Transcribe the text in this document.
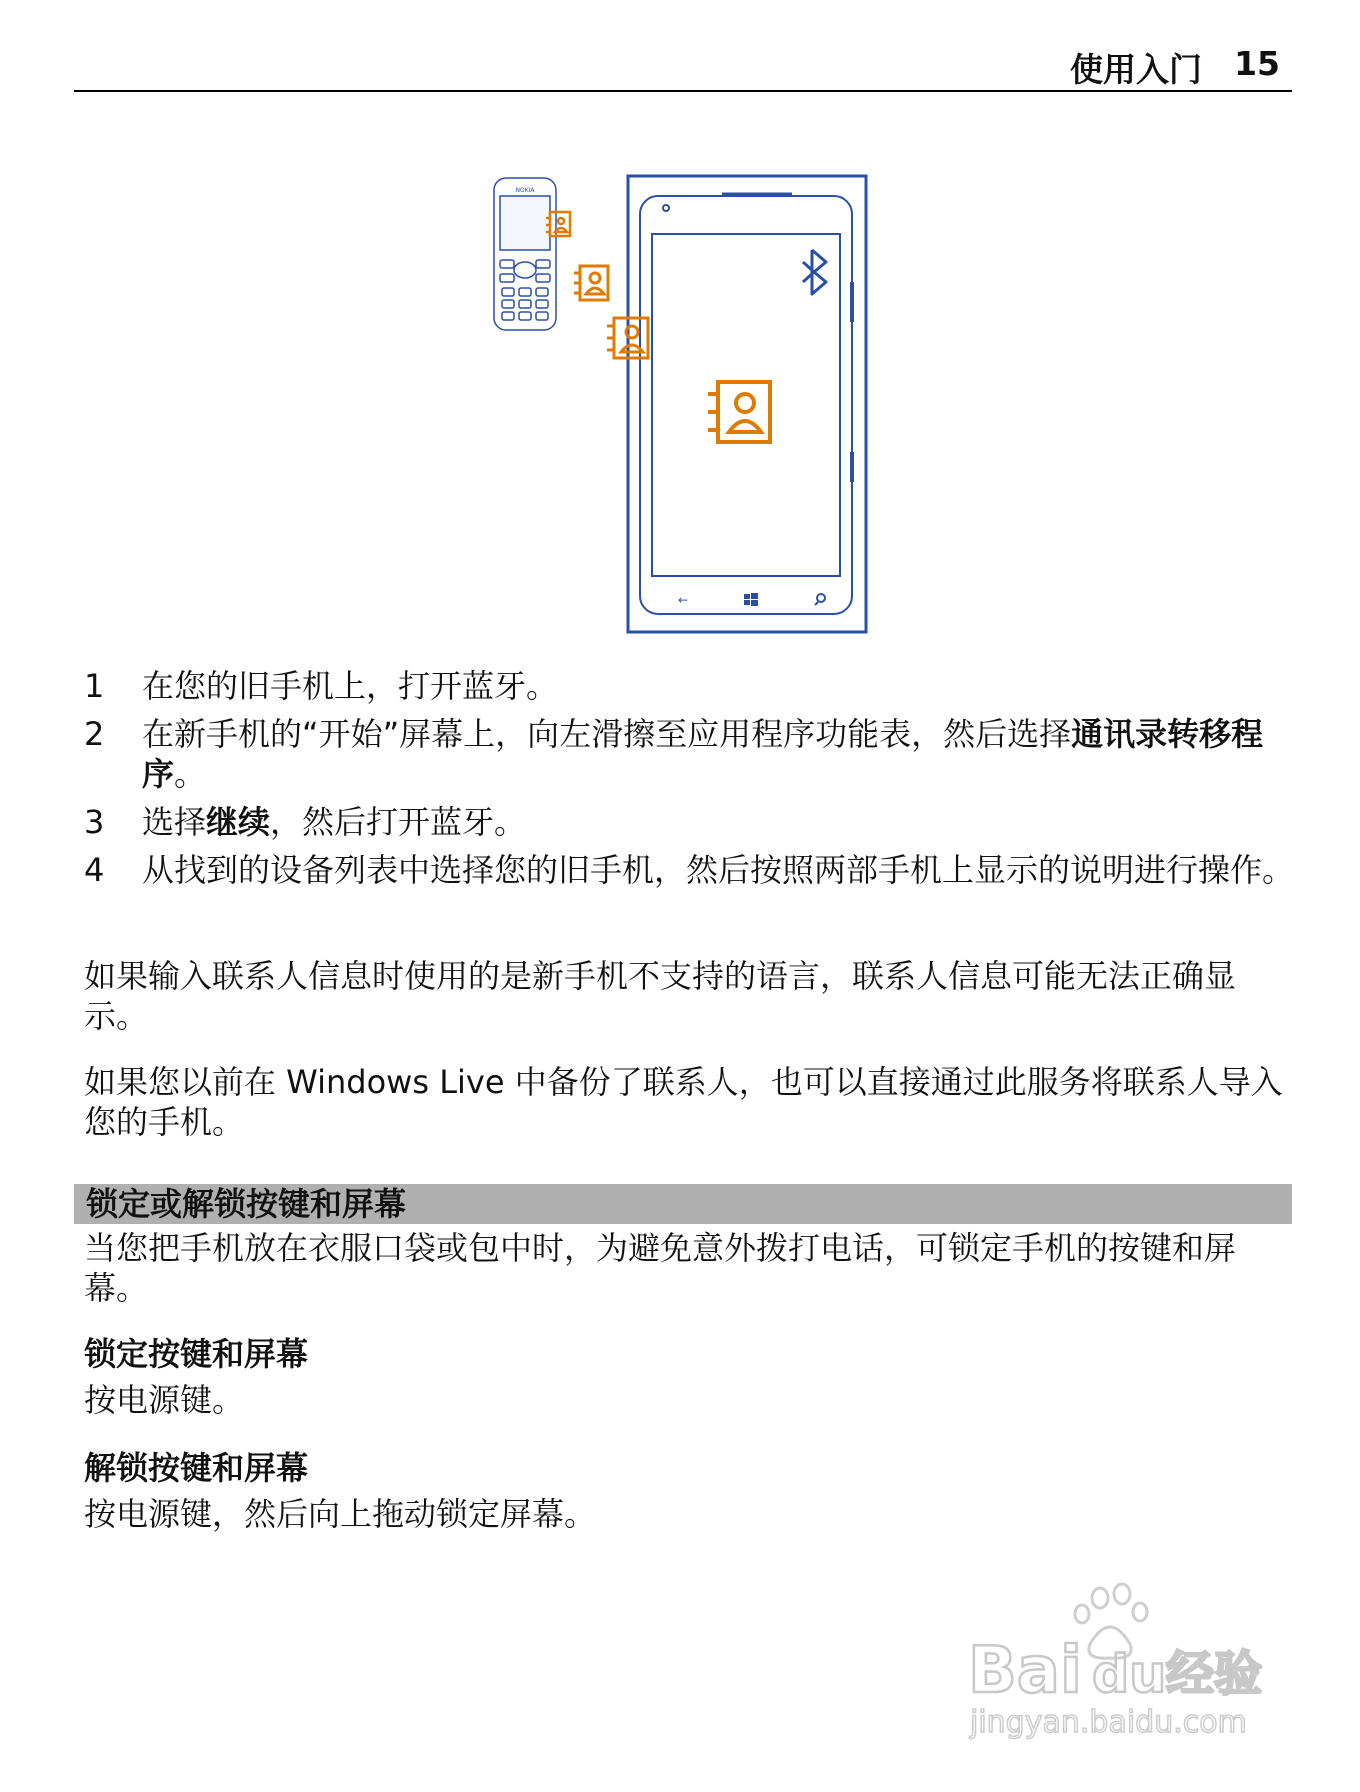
使用入门 15
NOKIA
←
1 在您的旧手机上，打开蓝牙。
2 在新手机的“开始”屏幕上，向左滑擦至应用程序功能表，然后选择通讯录转移程序。
3 选择继续，然后打开蓝牙。
4 从找到的设备列表中选择您的旧手机，然后按照两部手机上显示的说明进行操作。
如果输入联系人信息时使用的是新手机不支持的语言，联系人信息可能无法正确显示。
如果您以前在 Windows Live 中备份了联系人，也可以直接通过此服务将联系人导入您的手机。
锁定或解锁按键和屏幕
当您把手机放在衣服口袋或包中时，为避免意外拨打电话，可锁定手机的按键和屏幕。
锁定按键和屏幕
按电源键。
解锁按键和屏幕
按电源键，然后向上拖动锁定屏幕。
Bai du 经验
jingyan.baidu.com
